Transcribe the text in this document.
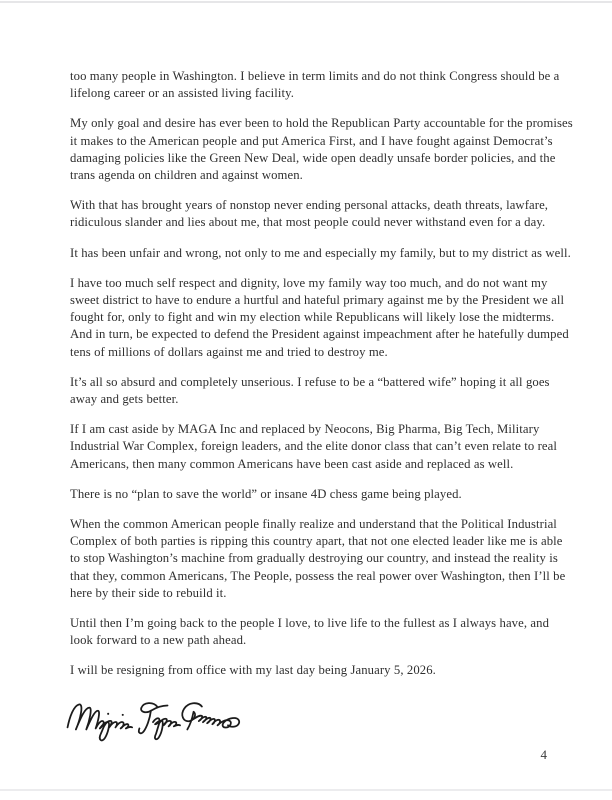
too many people in Washington. I believe in term limits and do not think Congress should be a
lifelong career or an assisted living facility.
My only goal and desire has ever been to hold the Republican Party accountable for the promises
it makes to the American people and put America First, and I have fought against Democrat’s
damaging policies like the Green New Deal, wide open deadly unsafe border policies, and the
trans agenda on children and against women.
With that has brought years of nonstop never ending personal attacks, death threats, lawfare,
ridiculous slander and lies about me, that most people could never withstand even for a day.
It has been unfair and wrong, not only to me and especially my family, but to my district as well.
I have too much self respect and dignity, love my family way too much, and do not want my
sweet district to have to endure a hurtful and hateful primary against me by the President we all
fought for, only to fight and win my election while Republicans will likely lose the midterms.
And in turn, be expected to defend the President against impeachment after he hatefully dumped
tens of millions of dollars against me and tried to destroy me.
It’s all so absurd and completely unserious. I refuse to be a “battered wife” hoping it all goes
away and gets better.
If I am cast aside by MAGA Inc and replaced by Neocons, Big Pharma, Big Tech, Military
Industrial War Complex, foreign leaders, and the elite donor class that can’t even relate to real
Americans, then many common Americans have been cast aside and replaced as well.
There is no “plan to save the world” or insane 4D chess game being played.
When the common American people finally realize and understand that the Political Industrial
Complex of both parties is ripping this country apart, that not one elected leader like me is able
to stop Washington’s machine from gradually destroying our country, and instead the reality is
that they, common Americans, The People, possess the real power over Washington, then I’ll be
here by their side to rebuild it.
Until then I’m going back to the people I love, to live life to the fullest as I always have, and
look forward to a new path ahead.
I will be resigning from office with my last day being January 5, 2026.
4
